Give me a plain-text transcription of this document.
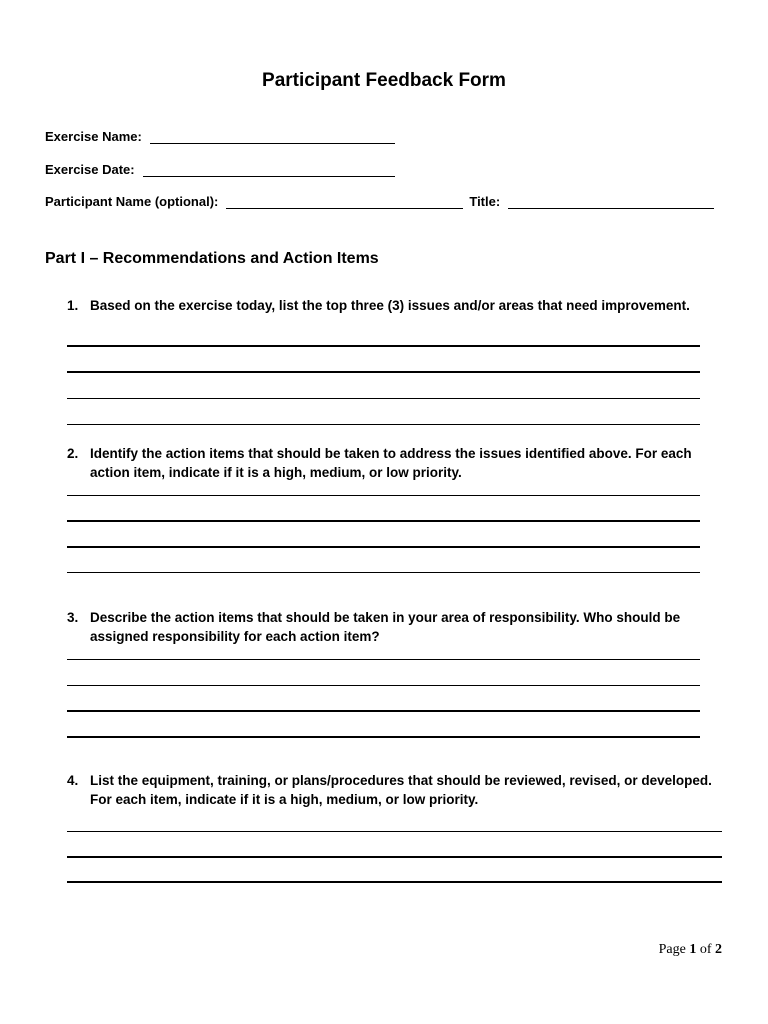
Participant Feedback Form
Exercise Name:
Exercise Date:
Participant Name (optional):	Title:
Part I – Recommendations and Action Items
1. Based on the exercise today, list the top three (3) issues and/or areas that need improvement.
2. Identify the action items that should be taken to address the issues identified above. For each action item, indicate if it is a high, medium, or low priority.
3. Describe the action items that should be taken in your area of responsibility. Who should be assigned responsibility for each action item?
4. List the equipment, training, or plans/procedures that should be reviewed, revised, or developed. For each item, indicate if it is a high, medium, or low priority.
Page 1 of 2
